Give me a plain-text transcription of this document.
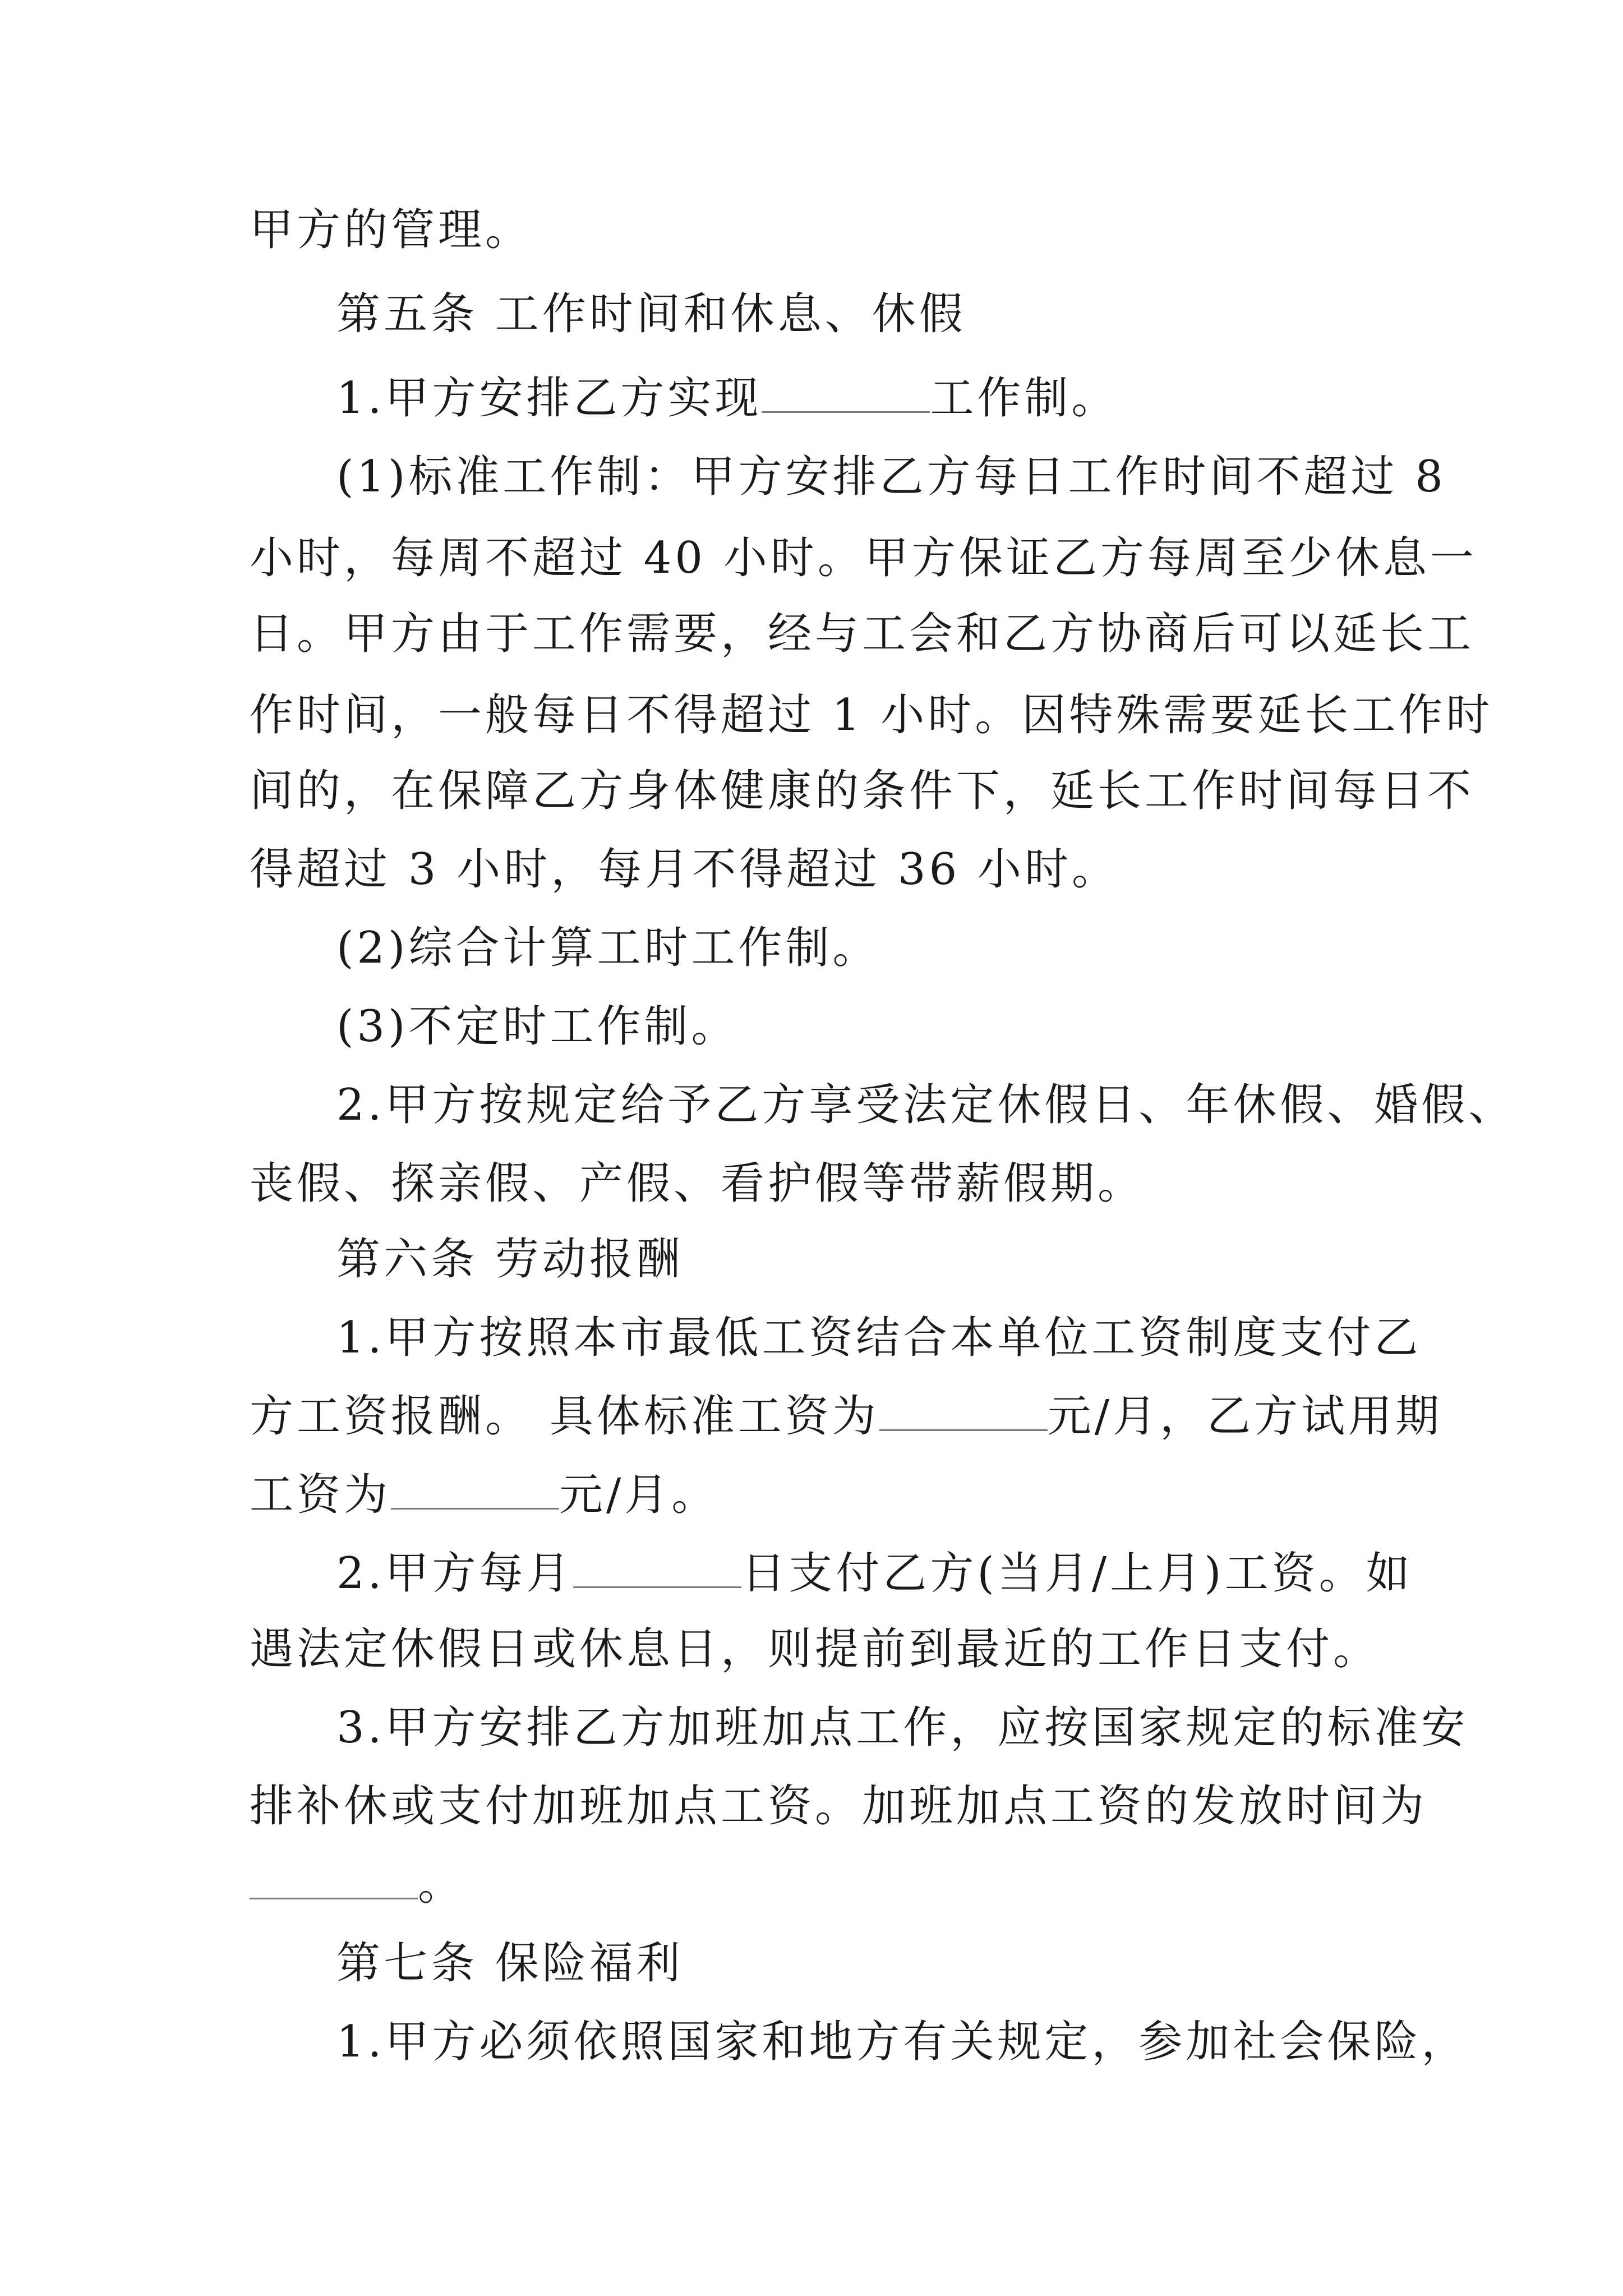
甲方的管理。
第五条 工作时间和休息、休假
1.甲方安排乙方实现	工作制。
(1)标准工作制：甲方安排乙方每日工作时间不超过 8
小时，每周不超过 40 小时。甲方保证乙方每周至少休息一
日。甲方由于工作需要，经与工会和乙方协商后可以延长工
作时间，一般每日不得超过 1 小时。因特殊需要延长工作时
间的，在保障乙方身体健康的条件下，延长工作时间每日不
得超过 3 小时，每月不得超过 36 小时。
(2)综合计算工时工作制。
(3)不定时工作制。
2.甲方按规定给予乙方享受法定休假日、年休假、婚假、
丧假、探亲假、产假、看护假等带薪假期。
第六条 劳动报酬
1.甲方按照本市最低工资结合本单位工资制度支付乙
方工资报酬。 具体标准工资为	元/月，乙方试用期
工资为	元/月。
2.甲方每月	日支付乙方(当月/上月)工资。如
遇法定休假日或休息日，则提前到最近的工作日支付。
3.甲方安排乙方加班加点工作，应按国家规定的标准安
排补休或支付加班加点工资。加班加点工资的发放时间为
。
第七条 保险福利
1.甲方必须依照国家和地方有关规定，参加社会保险，
